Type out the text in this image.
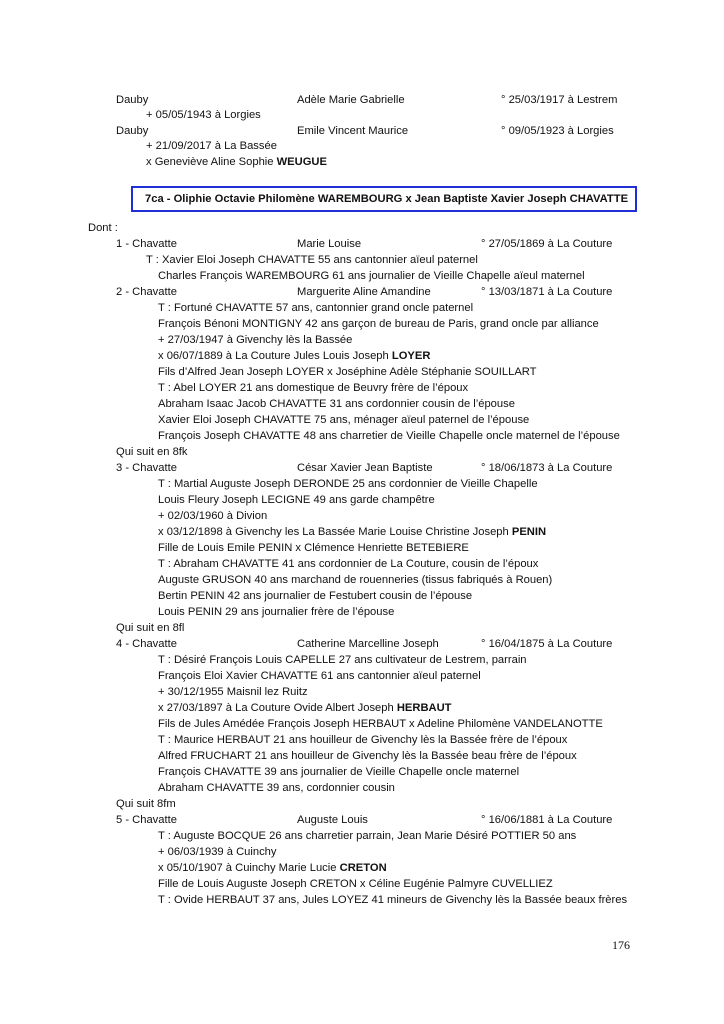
Dauby	Adèle Marie Gabrielle	° 25/03/1917 à Lestrem
+ 05/05/1943 à Lorgies
Dauby	Emile Vincent Maurice	° 09/05/1923 à Lorgies
+ 21/09/2017 à La Bassée
x Geneviève Aline Sophie WEUGUE
7ca - Oliphie Octavie Philomène WAREMBOURG x Jean Baptiste Xavier Joseph CHAVATTE
Dont :
1 - Chavatte	Marie Louise	° 27/05/1869 à La Couture
T : Xavier Eloi Joseph CHAVATTE 55 ans cantonnier aïeul paternel
Charles François WAREMBOURG 61 ans journalier de Vieille Chapelle aïeul maternel
2 - Chavatte	Marguerite Aline Amandine	° 13/03/1871 à La Couture
T : Fortuné CHAVATTE 57 ans, cantonnier grand oncle paternel
François Bénoni MONTIGNY 42 ans garçon de bureau de Paris, grand oncle par alliance
+ 27/03/1947 à Givenchy lès la Bassée
x 06/07/1889 à La Couture Jules Louis Joseph LOYER
Fils d’Alfred Jean Joseph LOYER x Joséphine Adèle Stéphanie SOUILLART
T : Abel LOYER 21 ans domestique de Beuvry frère de l’époux
Abraham Isaac Jacob CHAVATTE 31 ans cordonnier cousin de l’épouse
Xavier Eloi Joseph CHAVATTE 75 ans, ménager aïeul paternel de l’épouse
François Joseph CHAVATTE 48 ans charretier de Vieille Chapelle oncle maternel de l’épouse
Qui suit en 8fk
3 - Chavatte	César Xavier Jean Baptiste	° 18/06/1873 à La Couture
T : Martial Auguste Joseph DERONDE 25 ans cordonnier de Vieille Chapelle
Louis Fleury Joseph LECIGNE 49 ans garde champêtre
+ 02/03/1960 à Divion
x 03/12/1898 à Givenchy les La Bassée Marie Louise Christine Joseph PENIN
Fille de Louis Emile PENIN x Clémence Henriette BETEBIERE
T : Abraham CHAVATTE 41 ans cordonnier de La Couture, cousin de l’époux
Auguste GRUSON 40 ans marchand de rouenneries (tissus fabriqués à Rouen)
Bertin PENIN 42 ans journalier de Festubert cousin de l’épouse
Louis PENIN 29 ans journalier frère de l’épouse
Qui suit en 8fl
4 - Chavatte	Catherine Marcelline Joseph	° 16/04/1875 à La Couture
T : Désiré François Louis CAPELLE 27 ans cultivateur de Lestrem, parrain
François Eloi Xavier CHAVATTE 61 ans cantonnier aïeul paternel
+ 30/12/1955 Maisnil lez Ruitz
x 27/03/1897 à La Couture Ovide Albert Joseph HERBAUT
Fils de Jules Amédée François Joseph HERBAUT x Adeline Philomène VANDELANOTTE
T : Maurice HERBAUT 21 ans houilleur de Givenchy lès la Bassée frère de l’époux
Alfred FRUCHART 21 ans houilleur de Givenchy lès la Bassée beau frère de l’époux
François CHAVATTE 39 ans journalier de Vieille Chapelle oncle maternel
Abraham CHAVATTE 39 ans, cordonnier cousin
Qui suit 8fm
5 - Chavatte	Auguste Louis	° 16/06/1881 à La Couture
T : Auguste BOCQUE 26 ans charretier parrain, Jean Marie Désiré POTTIER 50 ans
+ 06/03/1939 à Cuinchy
x 05/10/1907 à Cuinchy Marie Lucie CRETON
Fille de Louis Auguste Joseph CRETON x Céline Eugénie Palmyre CUVELLIEZ
T : Ovide HERBAUT 37 ans, Jules LOYEZ 41 mineurs de Givenchy lès la Bassée beaux frères
176
